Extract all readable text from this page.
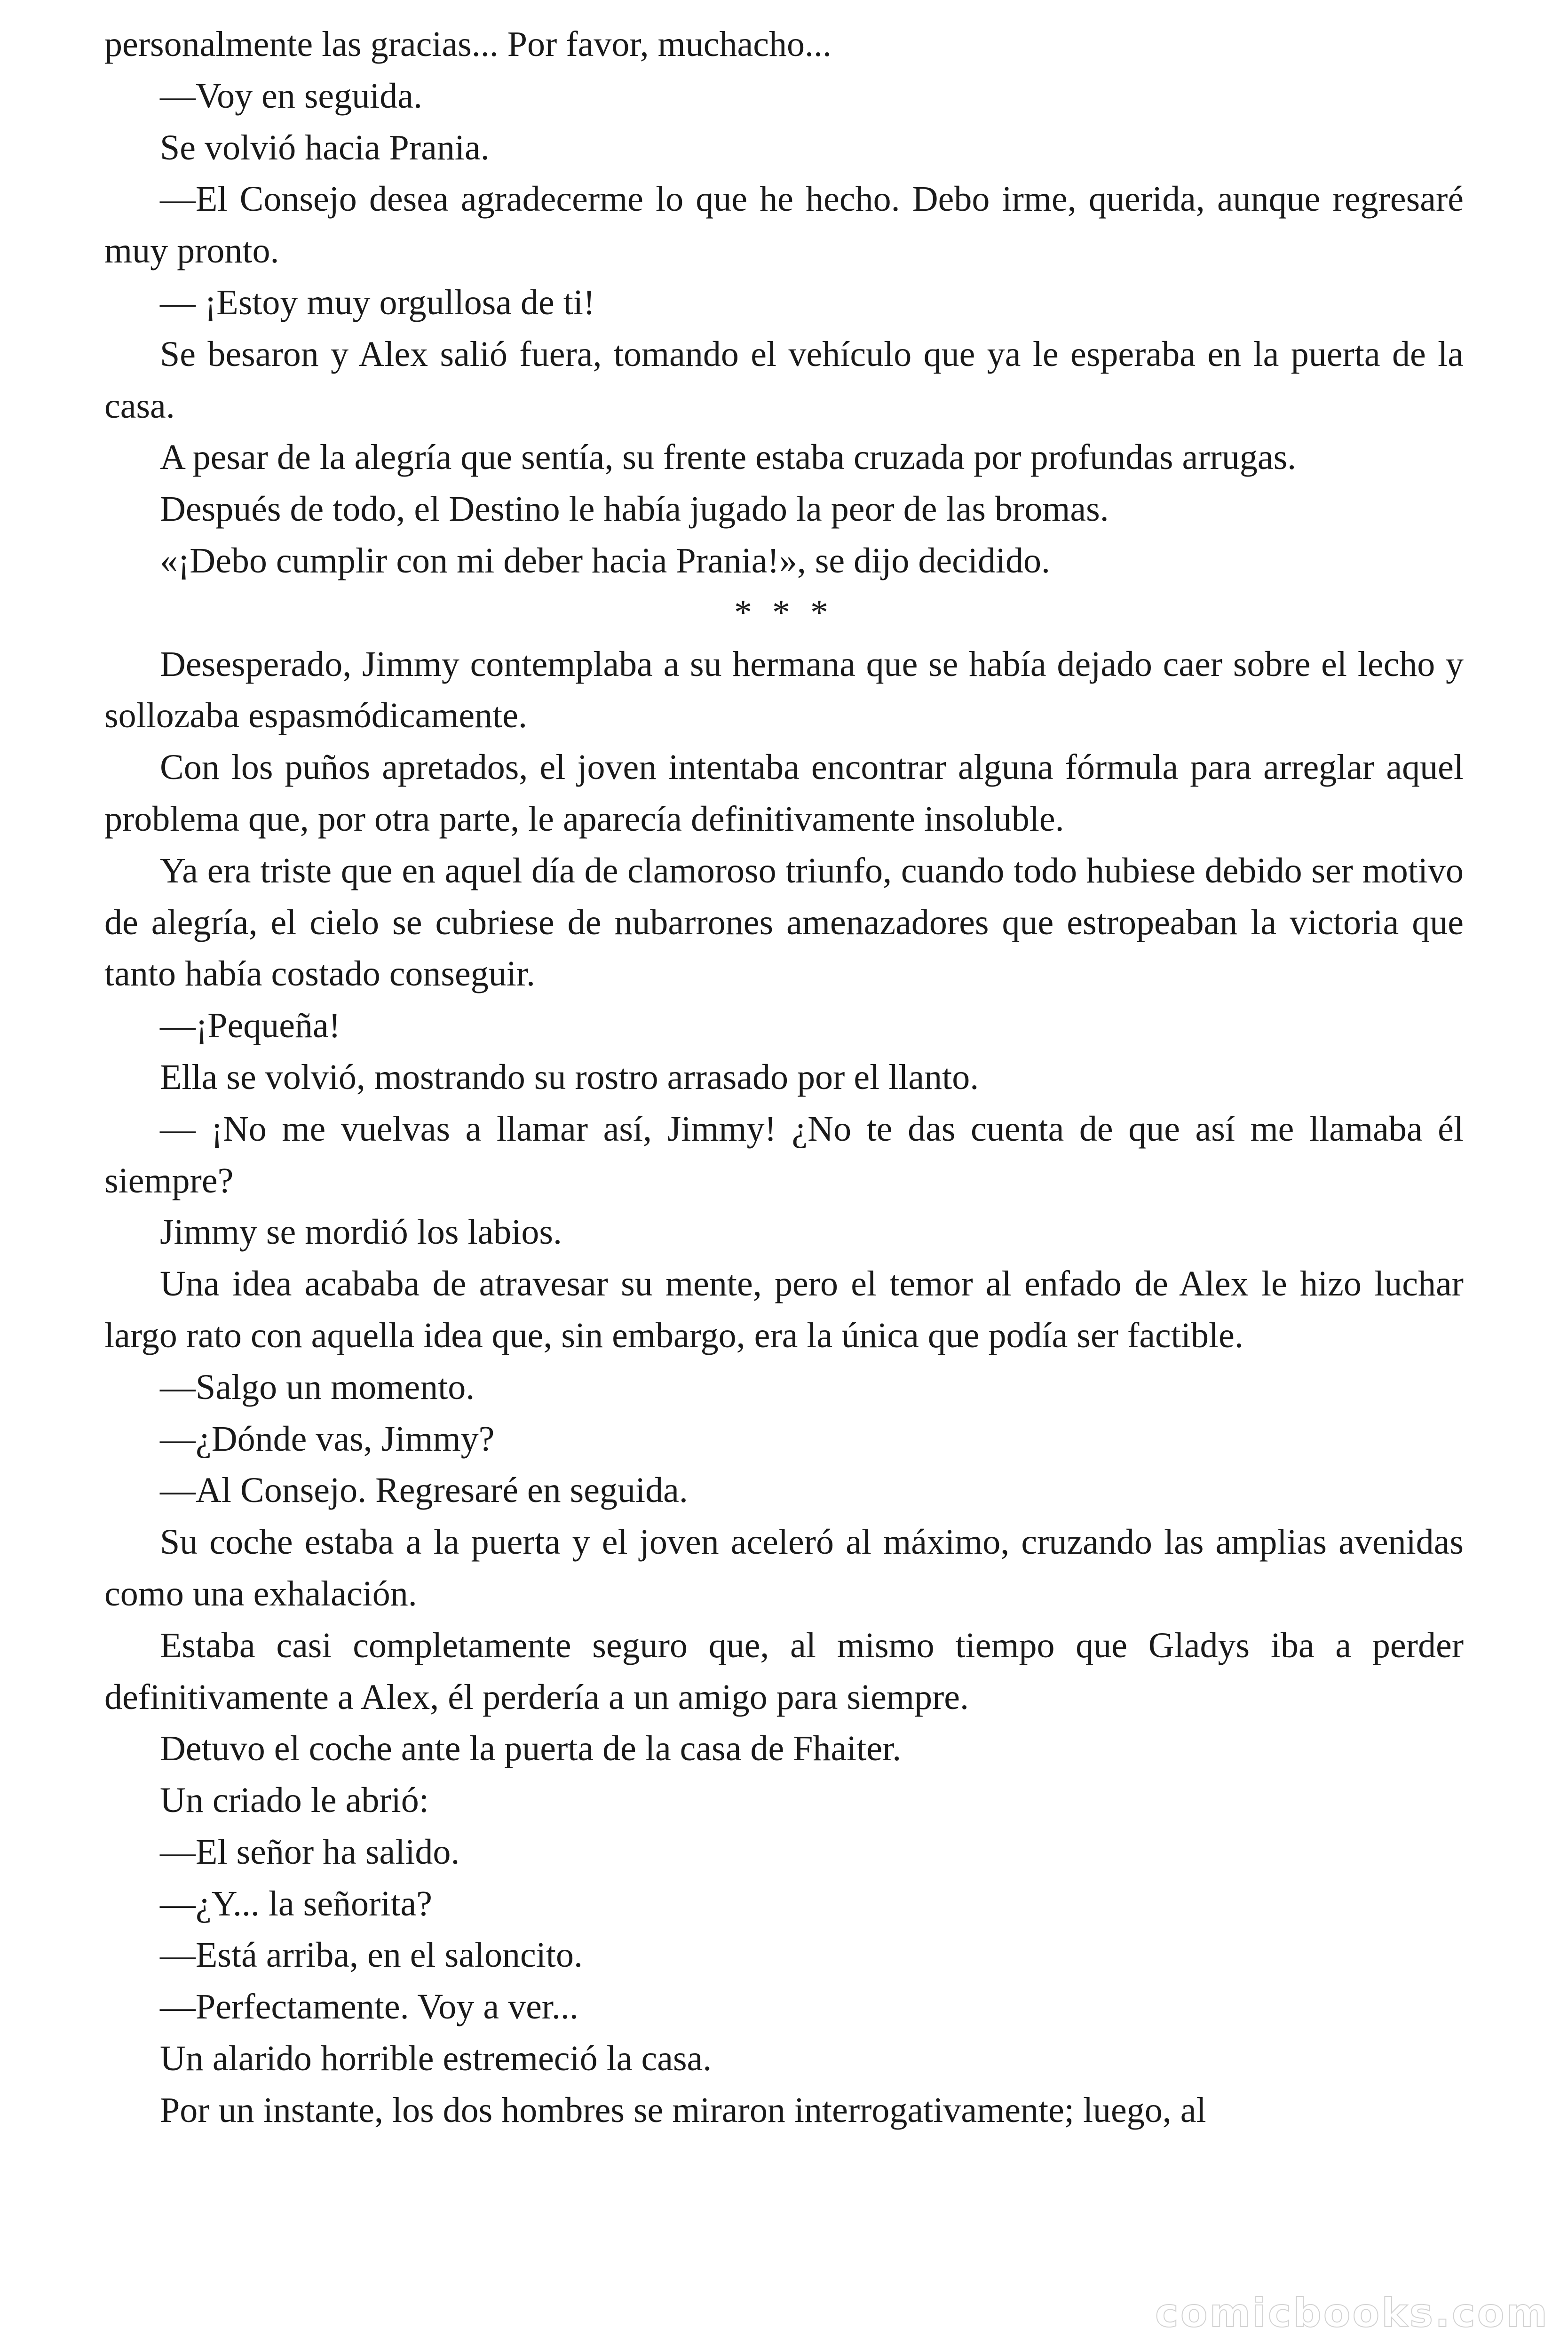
personalmente las gracias... Por favor, muchacho...

—Voy en seguida.

Se volvió hacia Prania.

—El Consejo desea agradecerme lo que he hecho. Debo irme, querida, aunque regresaré muy pronto.

— ¡Estoy muy orgullosa de ti!

Se besaron y Alex salió fuera, tomando el vehículo que ya le esperaba en la puerta de la casa.

A pesar de la alegría que sentía, su frente estaba cruzada por profundas arrugas.

Después de todo, el Destino le había jugado la peor de las bromas.

«¡Debo cumplir con mi deber hacia Prania!», se dijo decidido.

* * *

Desesperado, Jimmy contemplaba a su hermana que se había dejado caer sobre el lecho y sollozaba espasmódicamente.

Con los puños apretados, el joven intentaba encontrar alguna fórmula para arreglar aquel problema que, por otra parte, le aparecía definitivamente insoluble.

Ya era triste que en aquel día de clamoroso triunfo, cuando todo hubiese debido ser motivo de alegría, el cielo se cubriese de nubarrones amenazadores que estropeaban la victoria que tanto había costado conseguir.

—¡Pequeña!

Ella se volvió, mostrando su rostro arrasado por el llanto.

— ¡No me vuelvas a llamar así, Jimmy! ¿No te das cuenta de que así me llamaba él siempre?

Jimmy se mordió los labios.

Una idea acababa de atravesar su mente, pero el temor al enfado de Alex le hizo luchar largo rato con aquella idea que, sin embargo, era la única que podía ser factible.

—Salgo un momento.

—¿Dónde vas, Jimmy?

—Al Consejo. Regresaré en seguida.

Su coche estaba a la puerta y el joven aceleró al máximo, cruzando las amplias avenidas como una exhalación.

Estaba casi completamente seguro que, al mismo tiempo que Gladys iba a perder definitivamente a Alex, él perdería a un amigo para siempre.

Detuvo el coche ante la puerta de la casa de Fhaiter.

Un criado le abrió:

—El señor ha salido.

—¿Y... la señorita?

—Está arriba, en el saloncito.

—Perfectamente. Voy a ver...

Un alarido horrible estremeció la casa.

Por un instante, los dos hombres se miraron interrogativamente; luego, al

comicbooks.com
